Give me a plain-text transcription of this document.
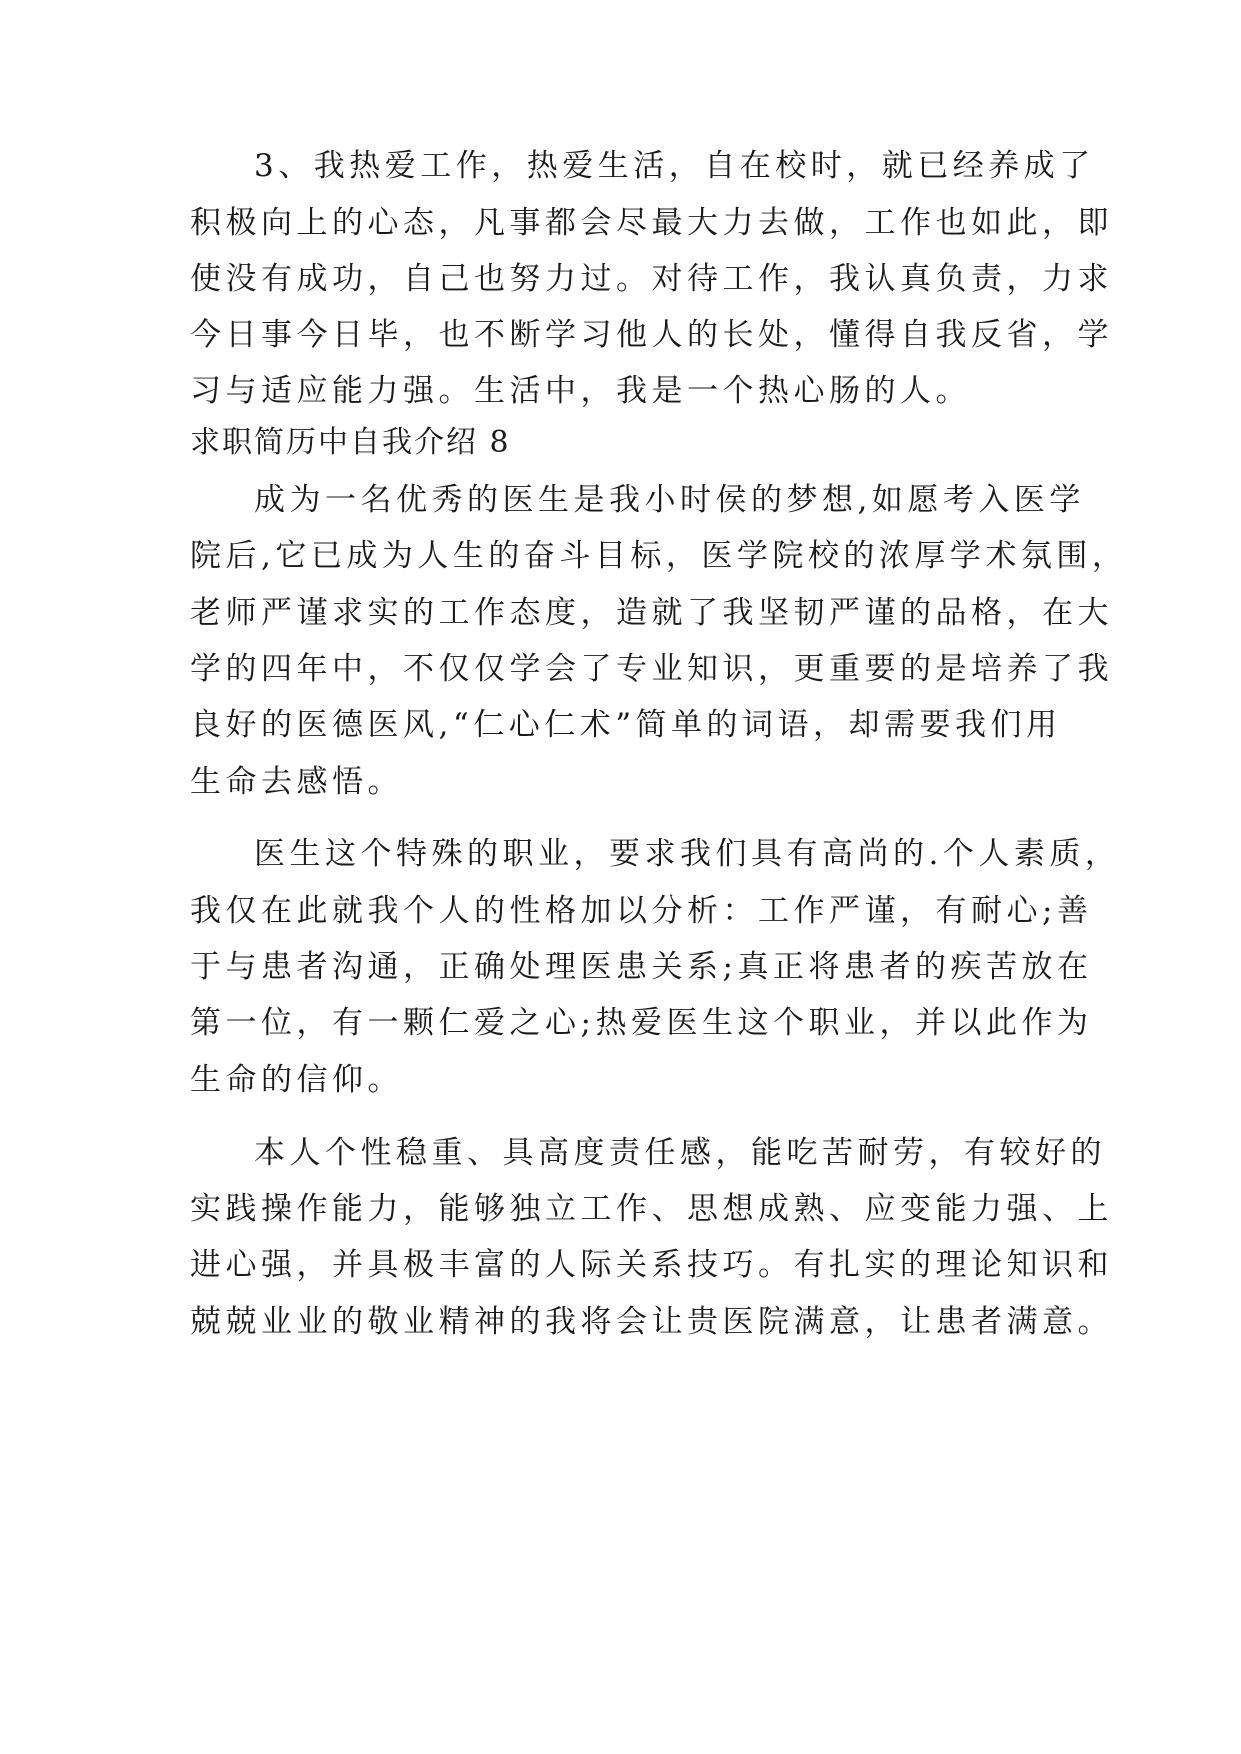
3、我热爱工作，热爱生活，自在校时，就已经养成了
积极向上的心态，凡事都会尽最大力去做，工作也如此，即
使没有成功，自己也努力过。对待工作，我认真负责，力求
今日事今日毕，也不断学习他人的长处，懂得自我反省，学
习与适应能力强。生活中，我是一个热心肠的人。
求职简历中自我介绍 8
成为一名优秀的医生是我小时侯的梦想,如愿考入医学
院后,它已成为人生的奋斗目标，医学院校的浓厚学术氛围，
老师严谨求实的工作态度，造就了我坚韧严谨的品格，在大
学的四年中，不仅仅学会了专业知识，更重要的是培养了我
良好的医德医风,“仁心仁术”简单的词语，却需要我们用
生命去感悟。
医生这个特殊的职业，要求我们具有高尚的.个人素质，
我仅在此就我个人的性格加以分析：工作严谨，有耐心;善
于与患者沟通，正确处理医患关系;真正将患者的疾苦放在
第一位，有一颗仁爱之心;热爱医生这个职业，并以此作为
生命的信仰。
本人个性稳重、具高度责任感，能吃苦耐劳，有较好的
实践操作能力，能够独立工作、思想成熟、应变能力强、上
进心强，并具极丰富的人际关系技巧。有扎实的理论知识和
兢兢业业的敬业精神的我将会让贵医院满意，让患者满意。
